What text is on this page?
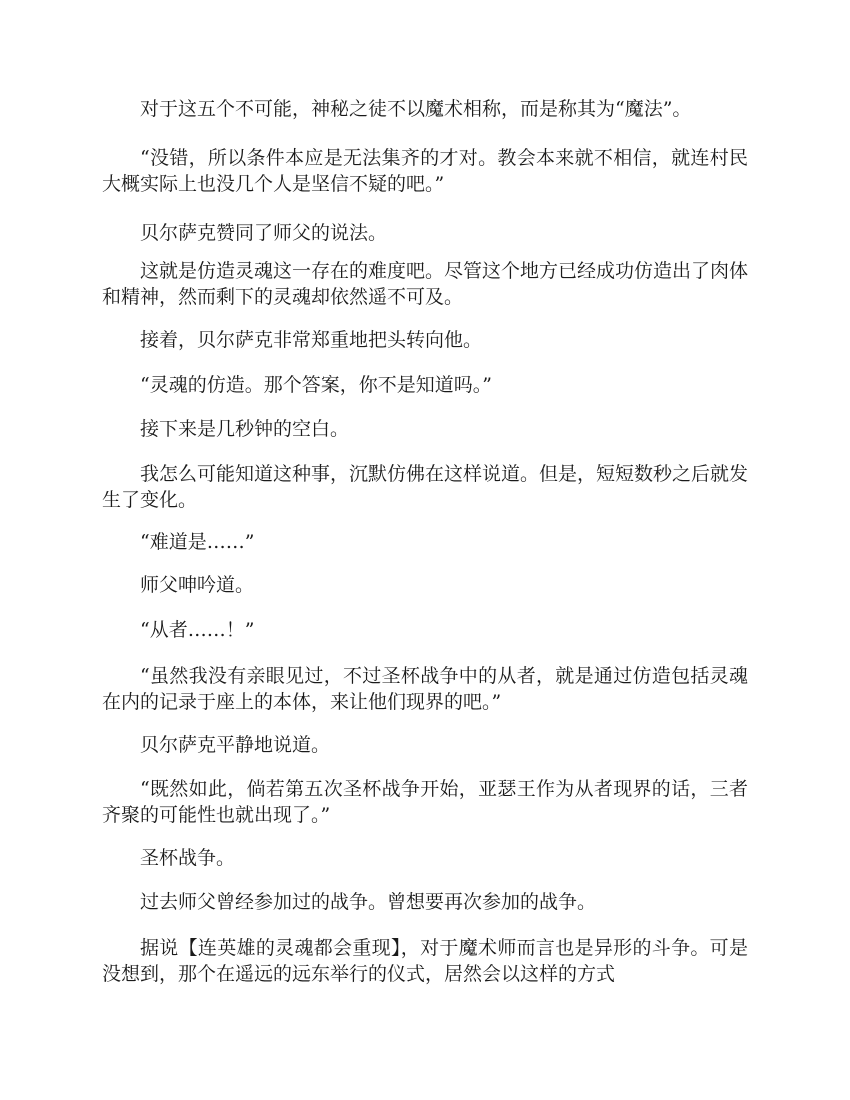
对于这五个不可能，神秘之徒不以魔术相称，而是称其为“魔法”。

“没错，所以条件本应是无法集齐的才对。教会本来就不相信，就连村民大概实际上也没几个人是坚信不疑的吧。”

贝尔萨克赞同了师父的说法。

这就是仿造灵魂这一存在的难度吧。尽管这个地方已经成功仿造出了肉体和精神，然而剩下的灵魂却依然遥不可及。

接着，贝尔萨克非常郑重地把头转向他。

“灵魂的仿造。那个答案，你不是知道吗。”

接下来是几秒钟的空白。

我怎么可能知道这种事，沉默仿佛在这样说道。但是，短短数秒之后就发生了变化。

“难道是……”

师父呻吟道。

“从者……！”

“虽然我没有亲眼见过，不过圣杯战争中的从者，就是通过仿造包括灵魂在内的记录于座上的本体，来让他们现界的吧。”

贝尔萨克平静地说道。

“既然如此，倘若第五次圣杯战争开始，亚瑟王作为从者现界的话，三者齐聚的可能性也就出现了。”

圣杯战争。

过去师父曾经参加过的战争。曾想要再次参加的战争。

据说【连英雄的灵魂都会重现】，对于魔术师而言也是异形的斗争。可是没想到，那个在遥远的远东举行的仪式，居然会以这样的方式
